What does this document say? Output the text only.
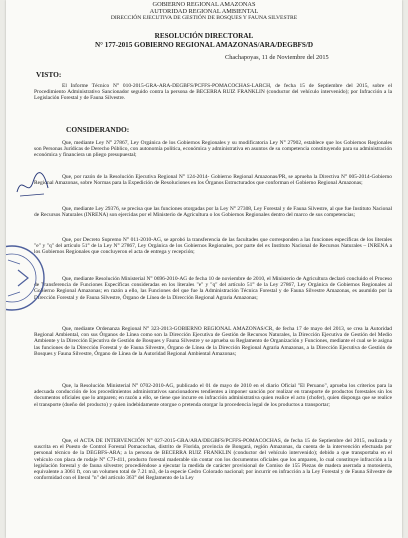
GOBIERNO REGIONAL AMAZONAS
AUTORIDAD REGIONAL AMBIENTAL
DIRECCIÓN EJECUTIVA DE GESTIÓN DE BOSQUES Y FAUNA SILVESTRE
RESOLUCIÓN DIRECTORAL
N° 177-2015 GOBIERNO REGIONAL AMAZONAS/ARA/DEGBFS/D
Chachapoyas, 11 de Noviembre del 2015
VISTO:

El Informe Técnico N° 010-2015-GRA-ARA-DEGBFS/PCFFS-POMACOCHAS-LARCH, de fecha 15 de Septiembre del 2015, sobre el Procedimiento Administrativo Sancionador seguido contra la persona de BECERRA RUIZ FRANKLIN (conductor del vehículo intervenido); por Infracción a la Legislación Forestal y de Fauna Silvestre.

CONSIDERANDO:

Que, mediante Ley N° 27867, Ley Orgánica de los Gobiernos Regionales y su modificatoria Ley N° 27902, establece que los Gobiernos Regionales son Personas Jurídicas de Derecho Público, con autonomía política, económica y administrativa en asuntos de su competencia constituyendo para su administración económica y financiera un pliego presupuestal;

Que, por razón de la Resolución Ejecutiva Regional N° 124-2014- Gobierno Regional Amazonas/PR, se aprueba la Directiva N° 005-2014-Gobierno Regional Amazonas, sobre Normas para la Expedición de Resoluciones en los Órganos Estructurados que conforman el Gobierno Regional Amazonas;

Que, mediante Ley 29376, se precisa que las funciones otorgadas por la Ley N° 27308, Ley Forestal y de Fauna Silvestre, al que fue Instituto Nacional de Recursos Naturales (INRENA) son ejercidas por el Ministerio de Agricultura o los Gobiernos Regionales dentro del marco de sus competencias;

Que, por Decreto Supremo N° 011-2010-AG, se aprobó la transferencia de las facultades que corresponden a las funciones específicas de los literales "e" y "q" del artículo 51° de la Ley N° 27867, Ley Orgánica de los Gobiernos Regionales, por parte del ex Instituto Nacional de Recursos Naturales – INRENA a los Gobiernos Regionales que concluyeron el acta de entrega y recepción;

Que, mediante Resolución Ministerial N° 0696-2010-AG de fecha 10 de noviembre de 2010, el Ministerio de Agricultura declaró concluido el Proceso de Transferencia de Funciones Específicas consideradas en los literales "e" y "q" del artículo 51° de la Ley 27867, Ley Orgánica de Gobiernos Regionales al Gobierno Regional Amazonas; en razón a ello, las Funciones del que fue la Administración Técnica Forestal y de Fauna Silvestre Amazonas, es asumido por la Dirección Forestal y de Fauna Silvestre, Órgano de Línea de la Dirección Regional Agraria Amazonas;

Que, mediante Ordenanza Regional N° 323-2013-GOBIERNO REGIONAL AMAZONAS/CR, de fecha 17 de mayo del 2013, se crea la Autoridad Regional Ambiental, con sus Órganos de Línea como son la Dirección Ejecutiva de Gestión de Recursos Naturales, la Dirección Ejecutiva de Gestión del Medio Ambiente y la Dirección Ejecutiva de Gestión de Bosques y Fauna Silvestre y se aprueba su Reglamento de Organización y Funciones, mediante el cual se le asigna las funciones de la Dirección Forestal y de Fauna Silvestre, Órgano de Línea de la Dirección Regional Agraria Amazonas, a la Dirección Ejecutiva de Gestión de Bosques y Fauna Silvestre, Órgano de Línea de la Autoridad Regional Ambiental Amazonas;

Que, la Resolución Ministerial N° 0702-2010-AG, publicado el 01 de mayo de 2010 en el diario Oficial "El Peruano", aprueba los criterios para la adecuada conducción de los procedimientos administrativos sancionadores tendientes a imponer sanción por realizar en transporte de productos forestales sin los documentos oficiales que lo amparen; en razón a ello, se tiene que incurre en infracción administrativa quien realice el acto (chofer), quien disponga que se realice el transporte (dueño del producto) y quien indebidamente otorgue o pretenda otorgar la procedencia legal de los productos a transportar;

Que, el ACTA DE INTERVENCIÓN N° 027-2015-GRA/ARA/DEGBFS/PCFFS-POMACOCHAS, de fecha 15 de Septiembre del 2015, realizada y suscrita en el Puesto de Control Forestal Pomacochas, distrito de Florida, provincia de Bongará, región Amazonas, da cuenta de la intervención efectuada por personal técnico de la DEGBFS-ARA; a la persona de BECERRA RUIZ FRANKLIN (conductor del vehículo intervenido); debido a que transportaba en el vehículo con placa de rodaje N° C7I-411, producto forestal maderable sin contar con los documentos oficiales que los amparen, lo cual constituye infracción a la legislación forestal y de fauna silvestre; procediéndose a ejecutar la medida de carácter provisional de Comiso de 155 Piezas de madera aserrada a motosierra, equivalente a 3061 ft, con un volumen total de 7.21 m3, de la especie Cedro Colorado nacional; por incurrir en infracción a la Ley Forestal y de Fauna Silvestre de conformidad con el literal "n" del artículo 363° del Reglamento de la Ley
